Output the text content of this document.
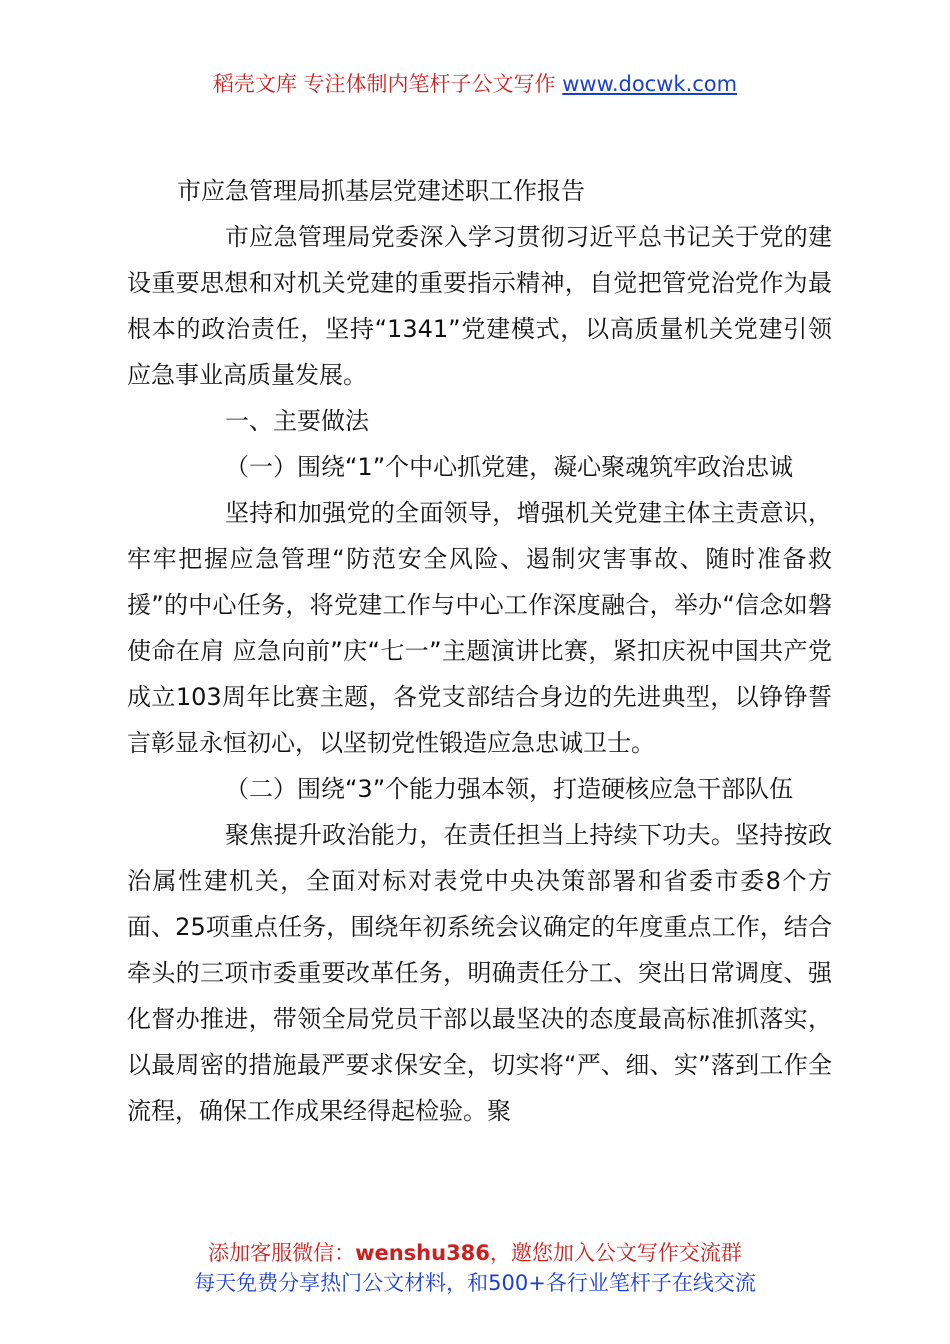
稻壳文库 专注体制内笔杆子公文写作 www.docwk.com

市应急管理局抓基层党建述职工作报告

市应急管理局党委深入学习贯彻习近平总书记关于党的建设重要思想和对机关党建的重要指示精神，自觉把管党治党作为最根本的政治责任，坚持“1341”党建模式，以高质量机关党建引领应急事业高质量发展。

一、主要做法

（一）围绕“1”个中心抓党建，凝心聚魂筑牢政治忠诚

坚持和加强党的全面领导，增强机关党建主体主责意识，牢牢把握应急管理“防范安全风险、遏制灾害事故、随时准备救援”的中心任务，将党建工作与中心工作深度融合，举办“信念如磐 使命在肩 应急向前”庆“七一”主题演讲比赛，紧扣庆祝中国共产党成立103周年比赛主题，各党支部结合身边的先进典型，以铮铮誓言彰显永恒初心，以坚韧党性锻造应急忠诚卫士。

（二）围绕“3”个能力强本领，打造硬核应急干部队伍

聚焦提升政治能力，在责任担当上持续下功夫。坚持按政治属性建机关，全面对标对表党中央决策部署和省委市委8个方面、25项重点任务，围绕年初系统会议确定的年度重点工作，结合牵头的三项市委重要改革任务，明确责任分工、突出日常调度、强化督办推进，带领全局党员干部以最坚决的态度最高标准抓落实，以最周密的措施最严要求保安全，切实将“严、细、实”落到工作全流程，确保工作成果经得起检验。聚

添加客服微信：wenshu386，邀您加入公文写作交流群
每天免费分享热门公文材料，和500+各行业笔杆子在线交流
